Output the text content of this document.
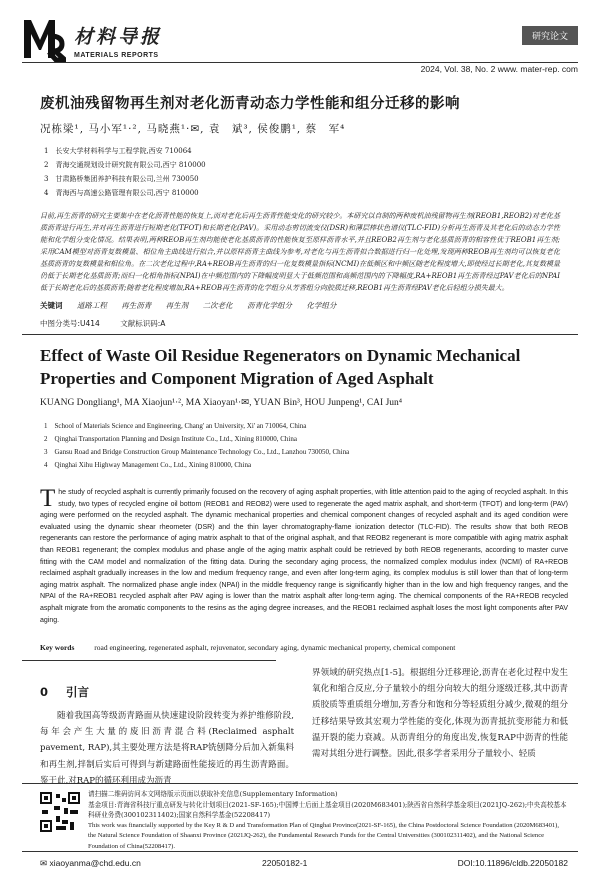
材料导报
MATERIALS REPORTS
研究论文
2024, Vol. 38, No. 2 www. mater-rep. com
废机油残留物再生剂对老化沥青动态力学性能和组分迁移的影响
况栋梁¹, 马小军¹·², 马晓燕¹·✉, 袁　斌³, 侯俊鹏¹, 蔡　军⁴
1　长安大学材料科学与工程学院,西安 710064
2　青海交通规划设计研究院有限公司,西宁 810000
3　甘肃路桥集团养护科技有限公司,兰州 730050
4　青海西与高速公路管理有限公司,西宁 810000
目前,再生沥青的研究主要集中在老化沥青性能的恢复上,而对老化后再生沥青性能变化的研究较少。本研究以自制的两种废机油残留物再生剂(REOB1,REOB2)对老化基质沥青进行再生,并对再生沥青进行短期老化(TFOT)和长期老化(PAV)。采用动态剪切流变仪(DSR)和薄层棒状色谱仪(TLC-FID)分析再生沥青及其老化后的动态力学性能和化学组分变化情况。结果表明,两种REOB再生剂均能使老化基质沥青的性能恢复至原样沥青水平,并且REOB2再生剂与老化基质沥青的相容性优于REOB1再生剂;采用CAM模型对沥青复数模量、相位角主曲线进行拟合,并以原样沥青主曲线为参考,对老化与再生沥青拟合数据进行归一化处理,发现两种REOB再生剂均可以恢复老化基质沥青的复数模量和相位角。在二次老化过程中,RA+REOB再生沥青的归一化复数模量指标(NCMI)在低频区和中频区随老化程度增大,即使经过长期老化,其复数模量仍低于长期老化基质沥青;而归一化相角指标(NPAI)在中频范围内的下降幅度明显大于低频范围和高频范围内的下降幅度,RA+REOB1再生沥青经过PAV老化后的NPAI低于长期老化后的基质沥青;随着老化程度增加,RA+REOB再生沥青的化学组分从芳香组分向胶质迁移,REOB1再生沥青经PAV老化后轻组分损失最大。
关键词 道路工程 再生沥青 再生剂 二次老化 沥青化学组分 化学组分
中图分类号:U414	文献标识码:A
Effect of Waste Oil Residue Regenerators on Dynamic Mechanical Properties and Component Migration of Aged Asphalt
KUANG Dongliang¹, MA Xiaojun¹·², MA Xiaoyan¹·✉, YUAN Bin³, HOU Junpeng¹, CAI Jun⁴
1　School of Materials Science and Engineering, Chang' an University, Xi' an 710064, China
2　Qinghai Transportation Planning and Design Institute Co., Ltd., Xining 810000, China
3　Gansu Road and Bridge Construction Group Maintenance Technology Co., Ltd., Lanzhou 730050, China
4　Qinghai Xihu Highway Management Co., Ltd., Xining 810000, China
T he study of recycled asphalt is currently primarily focused on the recovery of aging asphalt properties, with little attention paid to the aging of recycled asphalt. In this study, two types of recycled engine oil bottom (REOB1 and REOB2) were used to regenerate the aged matrix asphalt, and short-term (TFOT) and long-term (PAV) aging were performed on the recycled asphalt. The dynamic mechanical properties and chemical component changes of recycled asphalt and its aged condition were evaluated using the dynamic shear rheometer (DSR) and the thin layer chromatography-flame ionization detector (TLC-FID). The results show that both REOB regenerants can restore the performance of aging matrix asphalt to that of the original asphalt, and that REOB2 regenerant is more compatible with aging matrix asphalt than REOB1 regenerant; the complex modulus and phase angle of the aging matrix asphalt could be retrieved by both REOB regenerants, according to master curve fitting with the CAM model and normalization of the fitting data. During the secondary aging process, the normalized complex modulus index (NCMI) of RA+REOB reclaimed asphalt gradually increases in the low and medium frequency range, and even after long-term aging, its complex modulus is still lower than that of long-term aging matrix asphalt. The normalized phase angle index (NPAI) in the middle frequency range is significantly higher than in the low and high frequency ranges, and the NPAI of the RA+REOB1 recycled asphalt after PAV aging is lower than the matrix asphalt after long-term aging. The chemical components of the RA+REOB recycled asphalt migrate from the aromatic components to the resins as the aging degree increases, and the REOB1 reclaimed asphalt loses the most light components after PAV aging.
Key words	road engineering, regenerated asphalt, rejuvenator, secondary aging, dynamic mechanical property, chemical component
0 引言
随着我国高等级沥青路面从快速建设阶段转变为养护维修阶段,每年会产生大量的废旧沥青混合料(Reclaimed asphalt pavement, RAP),其主要处理方法是将RAP铣刨降分后加入新集料和再生剂,拌制后实后可得到与新建路面性能接近的再生沥青路面。鉴于此,对RAP的循环利用成为沥青
界领域的研究热点[1-5]。根据组分迁移理论,沥青在老化过程中发生氧化和缩合反应,分子量较小的组分向较大的组分逐级迁移,其中沥青质胶质等重质组分增加,芳香分和饱和分等轻质组分减少,微观的组分迁移结果导致其宏观力学性能的变化,体现为沥青抵抗变形能力和低温开裂的能力衰减。从沥青组分的角度出发,恢复RAP中沥青的性能需对其组分进行调整。因此,很多学者采用分子量较小、轻质
请扫描二维码访问本文网络版示页面以获取补充信息(Supplementary Information)
基金项目:青海省科技厅重点研发与转化计划项目(2021-SF-165);中国博士后面上基金项目(2020M683401);陕西省自然科学基金项目(2021JQ-262);中央高校基本科研业务费(300102311402);国家自然科学基金(52208417)
This work was financially supported by the Key R & D and Transformation Plan of Qinghai Province(2021-SF-165), the China Postdoctoral Science Foundation (2020M683401), the Natural Science Foundation of Shaanxi Province (2021JQ-262), the Fundamental Research Funds for the Central Universities (300102311402), and the National Science Foundation of China(52208417).
✉ xiaoyanma@chd.edu.cn	22050182-1	DOI:10.11896/cldb.22050182
